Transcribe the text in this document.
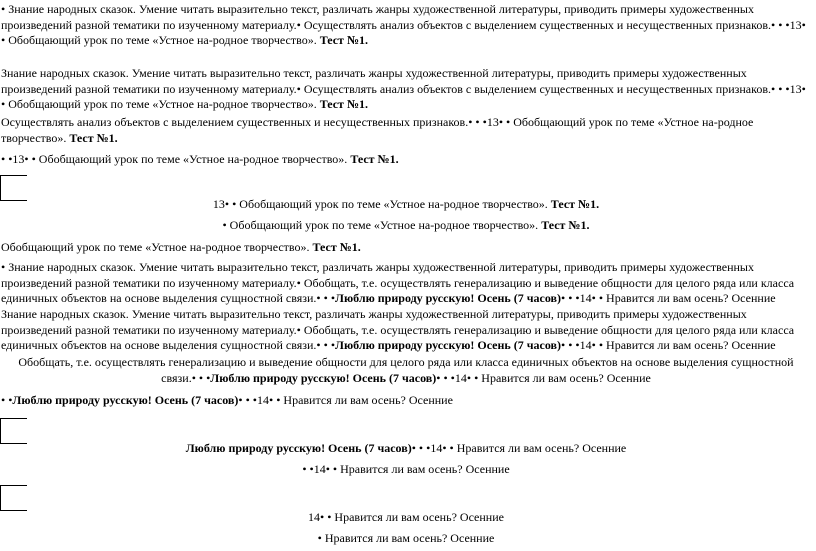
• Знание народных сказок. Умение читать выразительно текст, различать жанры художественной литературы, приводить примеры художественных произведений разной тематики по изученному материалу.• Осуществлять анализ объектов с выделением существенных и несущественных признаков.• • •13• • Обобщающий урок по теме «Устное на-родное творчество». Тест №1.

Знание народных сказок. Умение читать выразительно текст, различать жанры художественной литературы, приводить примеры художественных произведений разной тематики по изученному материалу.• Осуществлять анализ объектов с выделением существенных и несущественных признаков.• • •13• • Обобщающий урок по теме «Устное на-родное творчество». Тест №1.

Осуществлять анализ объектов с выделением существенных и несущественных признаков.• • •13• • Обобщающий урок по теме «Устное на-родное творчество». Тест №1.

• •13• • Обобщающий урок по теме «Устное на-родное творчество». Тест №1.

13• • Обобщающий урок по теме «Устное на-родное творчество». Тест №1.

• Обобщающий урок по теме «Устное на-родное творчество». Тест №1.

Обобщающий урок по теме «Устное на-родное творчество». Тест №1.

• Знание народных сказок. Умение читать выразительно текст, различать жанры художественной литературы, приводить примеры художественных произведений разной тематики по изученному материалу.• Обобщать, т.е. осуществлять генерализацию и выведение общности для целого ряда или класса единичных объектов на основе выделения сущностной связи.• • •Люблю природу русскую! Осень (7 часов)• • •14• • Нравится ли вам осень? Осенние

Знание народных сказок. Умение читать выразительно текст, различать жанры художественной литературы, приводить примеры художественных произведений разной тематики по изученному материалу.• Обобщать, т.е. осуществлять генерализацию и выведение общности для целого ряда или класса единичных объектов на основе выделения сущностной связи.• • •Люблю природу русскую! Осень (7 часов)• • •14• • Нравится ли вам осень? Осенние

Обобщать, т.е. осуществлять генерализацию и выведение общности для целого ряда или класса единичных объектов на основе выделения сущностной связи.• • •Люблю природу русскую! Осень (7 часов)• • •14• • Нравится ли вам осень? Осенние

• •Люблю природу русскую! Осень (7 часов)• • •14• • Нравится ли вам осень? Осенние

Люблю природу русскую! Осень (7 часов)• • •14• • Нравится ли вам осень? Осенние

• •14• • Нравится ли вам осень? Осенние

14• • Нравится ли вам осень? Осенние

• Нравится ли вам осень? Осенние
